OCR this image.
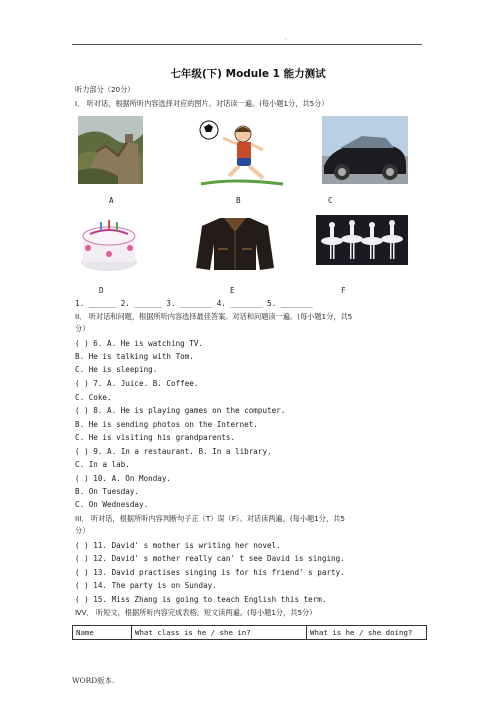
·
七年级(下) Module 1 能力测试
听力部分（20分）
Ⅰ． 听对话，根据所听内容选择对应的图片。对话读一遍。(每小题1分，共5分）
A	B	C
D	E	F
1. ______ 2. ______ 3. _______ 4. _______ 5. _______
ⅠⅠ． 听对话和问题，根据所听内容选择最佳答案。对话和问题读一遍。(每小题1分，共5
分）
( ) 6. A. He is watching TV.
B. He is talking with Tom.
C. He is sleeping.
( ) 7. A. Juice. B. Coffee.
C. Coke.
( ) 8. A. He is playing games on the computer.
B. He is sending photos on the Internet.
C. He is visiting his grandparents.
( ) 9. A. In a restaurant. B. In a library.
C. In a lab.
( ) 10. A. On Monday.
B. On Tuesday.
C. On Wednesday.
ⅠⅠⅠ． 听对话，根据所听内容判断句子正（T）误（F）。对话读两遍。(每小题1分，共5
分）
( ) 11. David' s mother is writing her novel.
( ) 12. David' s mother really can' t see David is singing.
( ) 13. David practises singing is for his friend' s party.
( ) 14. The party is on Sunday.
( ) 15. Miss Zhang is going to teach English this term.
ⅣV． 听短文，根据所听内容完成表格。短文读两遍。(每小题1分，共5分）
Name	What class is he / she in?	What is he / she doing?
WORD版本.
